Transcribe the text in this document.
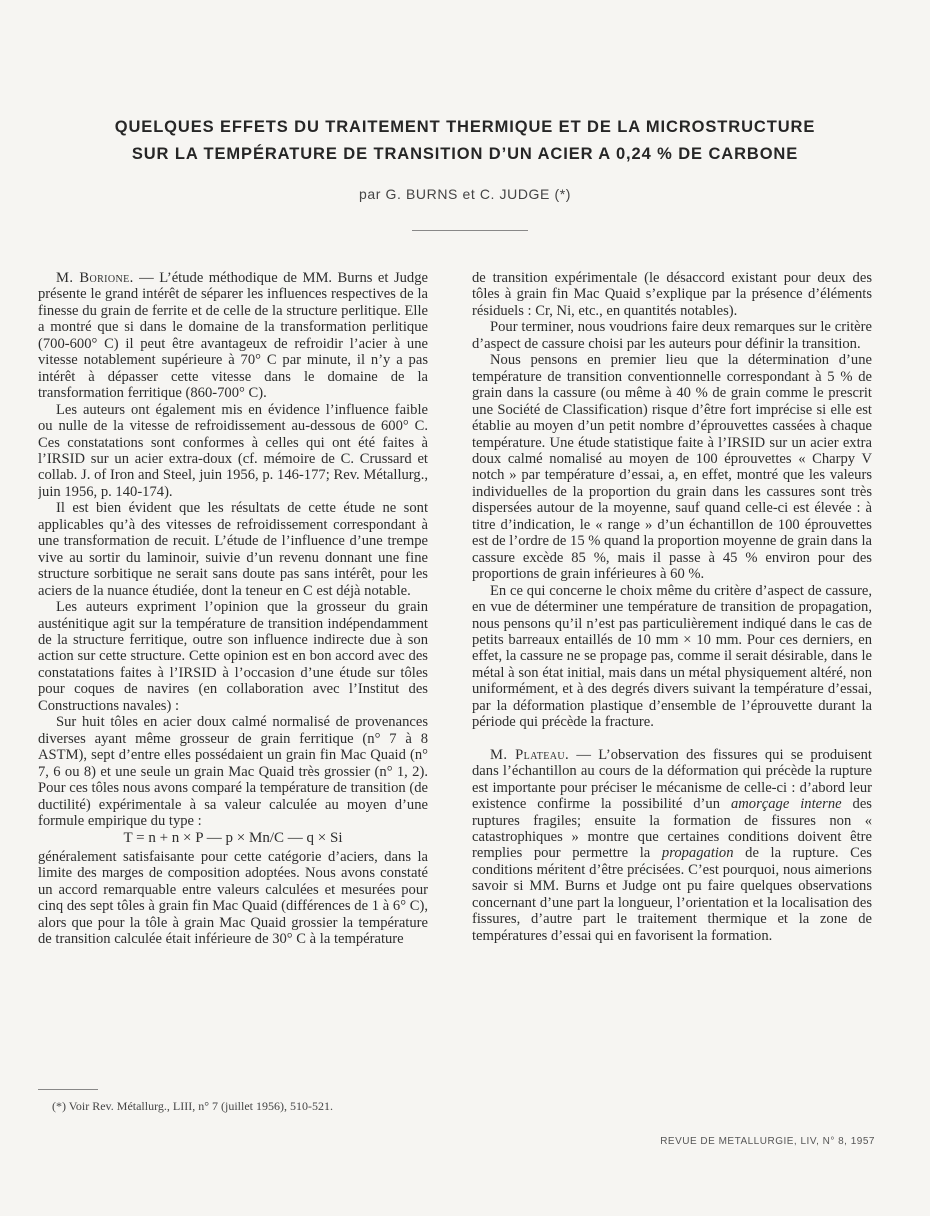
QUELQUES EFFETS DU TRAITEMENT THERMIQUE ET DE LA MICROSTRUCTURE
SUR LA TEMPÉRATURE DE TRANSITION D’UN ACIER A 0,24 % DE CARBONE
par G. BURNS et C. JUDGE (*)

M. Borione. — L’étude méthodique de MM. Burns et Judge présente le grand intérêt de séparer les influences respectives de la finesse du grain de ferrite et de celle de la structure perlitique. Elle a montré que si dans le domaine de la transformation perlitique (700-600° C) il peut être avantageux de refroidir l’acier à une vitesse notablement supérieure à 70° C par minute, il n’y a pas intérêt à dépasser cette vitesse dans le domaine de la transformation ferritique (860-700° C).

Les auteurs ont également mis en évidence l’influence faible ou nulle de la vitesse de refroidissement au-dessous de 600° C. Ces constatations sont conformes à celles qui ont été faites à l’IRSID sur un acier extra-doux (cf. mémoire de C. Crussard et collab. J. of Iron and Steel, juin 1956, p. 146-177; Rev. Métallurg., juin 1956, p. 140-174).

Il est bien évident que les résultats de cette étude ne sont applicables qu’à des vitesses de refroidissement correspondant à une transformation de recuit. L’étude de l’influence d’une trempe vive au sortir du laminoir, suivie d’un revenu donnant une fine structure sorbitique ne serait sans doute pas sans intérêt, pour les aciers de la nuance étudiée, dont la teneur en C est déjà notable.

Les auteurs expriment l’opinion que la grosseur du grain austénitique agit sur la température de transition indépendamment de la structure ferritique, outre son influence indirecte due à son action sur cette structure. Cette opinion est en bon accord avec des constatations faites à l’IRSID à l’occasion d’une étude sur tôles pour coques de navires (en collaboration avec l’Institut des Constructions navales) :

Sur huit tôles en acier doux calmé normalisé de provenances diverses ayant même grosseur de grain ferritique (n° 7 à 8 ASTM), sept d’entre elles possédaient un grain fin Mac Quaid (n° 7, 6 ou 8) et une seule un grain Mac Quaid très grossier (n° 1, 2). Pour ces tôles nous avons comparé la température de transition (de ductilité) expérimentale à sa valeur calculée au moyen d’une formule empirique du type :

T = n + n × P — p × Mn/C — q × Si

généralement satisfaisante pour cette catégorie d’aciers, dans la limite des marges de composition adoptées. Nous avons constaté un accord remarquable entre valeurs calculées et mesurées pour cinq des sept tôles à grain fin Mac Quaid (différences de 1 à 6° C), alors que pour la tôle à grain Mac Quaid grossier la température de transition calculée était inférieure de 30° C à la température

de transition expérimentale (le désaccord existant pour deux des tôles à grain fin Mac Quaid s’explique par la présence d’éléments résiduels : Cr, Ni, etc., en quantités notables).

Pour terminer, nous voudrions faire deux remarques sur le critère d’aspect de cassure choisi par les auteurs pour définir la transition.

Nous pensons en premier lieu que la détermination d’une température de transition conventionnelle correspondant à 5 % de grain dans la cassure (ou même à 40 % de grain comme le prescrit une Société de Classification) risque d’être fort imprécise si elle est établie au moyen d’un petit nombre d’éprouvettes cassées à chaque température. Une étude statistique faite à l’IRSID sur un acier extra doux calmé nomalisé au moyen de 100 éprouvettes « Charpy V notch » par température d’essai, a, en effet, montré que les valeurs individuelles de la proportion du grain dans les cassures sont très dispersées autour de la moyenne, sauf quand celle-ci est élevée : à titre d’indication, le « range » d’un échantillon de 100 éprouvettes est de l’ordre de 15 % quand la proportion moyenne de grain dans la cassure excède 85 %, mais il passe à 45 % environ pour des proportions de grain inférieures à 60 %.

En ce qui concerne le choix même du critère d’aspect de cassure, en vue de déterminer une température de transition de propagation, nous pensons qu’il n’est pas particulièrement indiqué dans le cas de petits barreaux entaillés de 10 mm × 10 mm. Pour ces derniers, en effet, la cassure ne se propage pas, comme il serait désirable, dans le métal à son état initial, mais dans un métal physiquement altéré, non uniformément, et à des degrés divers suivant la température d’essai, par la déformation plastique d’ensemble de l’éprouvette durant la période qui précède la fracture.

M. Plateau. — L’observation des fissures qui se produisent dans l’échantillon au cours de la déformation qui précède la rupture est importante pour préciser le mécanisme de celle-ci : d’abord leur existence confirme la possibilité d’un amorçage interne des ruptures fragiles; ensuite la formation de fissures non « catastrophiques » montre que certaines conditions doivent être remplies pour permettre la propagation de la rupture. Ces conditions méritent d’être précisées. C’est pourquoi, nous aimerions savoir si MM. Burns et Judge ont pu faire quelques observations concernant d’une part la longueur, l’orientation et la localisation des fissures, d’autre part le traitement thermique et la zone de températures d’essai qui en favorisent la formation.

(*) Voir Rev. Métallurg., LIII, n° 7 (juillet 1956), 510-521.
REVUE DE METALLURGIE, LIV, N° 8, 1957
